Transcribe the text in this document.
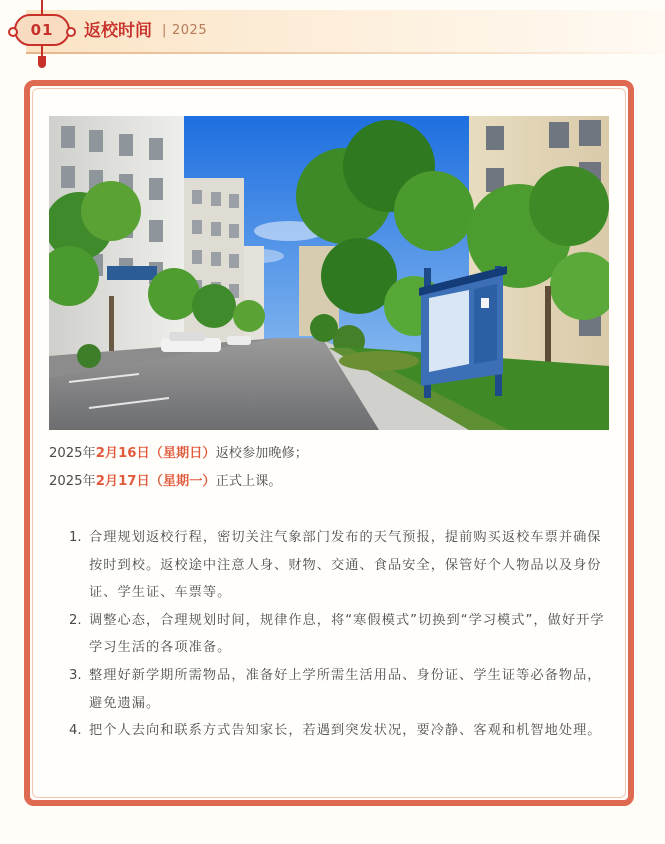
01	返校时间 | 2025
2025年2月16日（星期日）返校参加晚修；
2025年2月17日（星期一）正式上课。
1. 合理规划返校行程，密切关注气象部门发布的天气预报，提前购买返校车票并确保按时到校。返校途中注意人身、财物、交通、食品安全，保管好个人物品以及身份证、学生证、车票等。
2. 调整心态，合理规划时间，规律作息，将“寒假模式”切换到“学习模式”，做好开学学习生活的各项准备。
3. 整理好新学期所需物品，准备好上学所需生活用品、身份证、学生证等必备物品，避免遗漏。
4. 把个人去向和联系方式告知家长，若遇到突发状况，要冷静、客观和机智地处理。
